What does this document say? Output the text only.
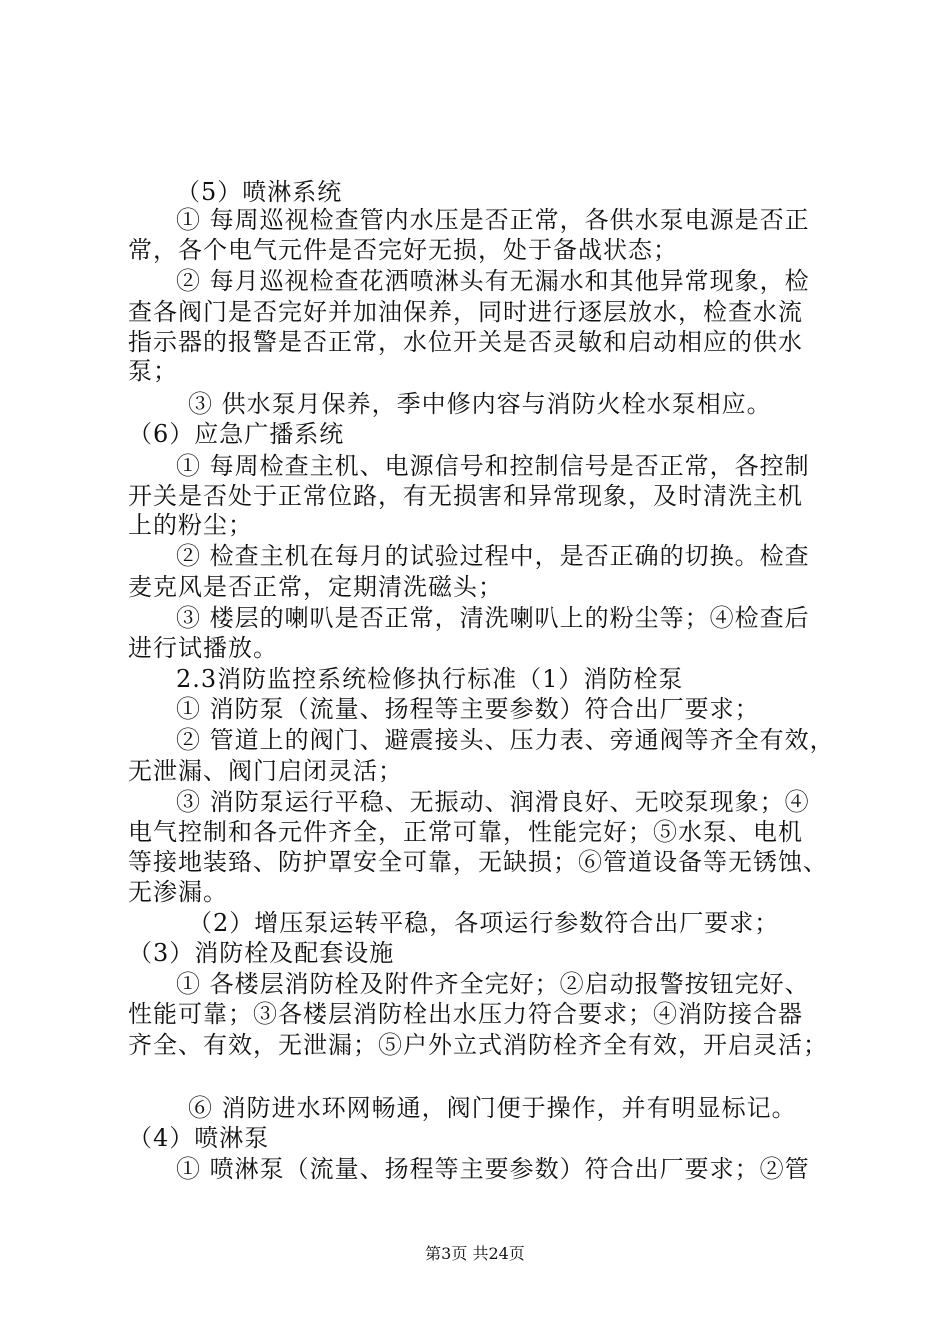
（5）喷淋系统
① 每周巡视检查管内水压是否正常，各供水泵电源是否正
常，各个电气元件是否完好无损，处于备战状态；
② 每月巡视检查花洒喷淋头有无漏水和其他异常现象，检
查各阀门是否完好并加油保养，同时进行逐层放水，检查水流
指示器的报警是否正常，水位开关是否灵敏和启动相应的供水
泵；
③ 供水泵月保养，季中修内容与消防火栓水泵相应。
（6）应急广播系统
① 每周检查主机、电源信号和控制信号是否正常，各控制
开关是否处于正常位路，有无损害和异常现象，及时清洗主机
上的粉尘；
② 检查主机在每月的试验过程中，是否正确的切换。检查
麦克风是否正常，定期清洗磁头；
③ 楼层的喇叭是否正常，清洗喇叭上的粉尘等；④检查后
进行试播放。
2.3消防监控系统检修执行标准（1）消防栓泵
① 消防泵（流量、扬程等主要参数）符合出厂要求；
② 管道上的阀门、避震接头、压力表、旁通阀等齐全有效，
无泄漏、阀门启闭灵活；
③ 消防泵运行平稳、无振动、润滑良好、无咬泵现象；④
电气控制和各元件齐全，正常可靠，性能完好；⑤水泵、电机
等接地装臵、防护罩安全可靠，无缺损；⑥管道设备等无锈蚀、
无渗漏。
（2）增压泵运转平稳，各项运行参数符合出厂要求；
（3）消防栓及配套设施
① 各楼层消防栓及附件齐全完好；②启动报警按钮完好、
性能可靠；③各楼层消防栓出水压力符合要求；④消防接合器
齐全、有效，无泄漏；⑤户外立式消防栓齐全有效，开启灵活；
⑥ 消防进水环网畅通，阀门便于操作，并有明显标记。
（4）喷淋泵
① 喷淋泵（流量、扬程等主要参数）符合出厂要求；②管
第3页 共24页
